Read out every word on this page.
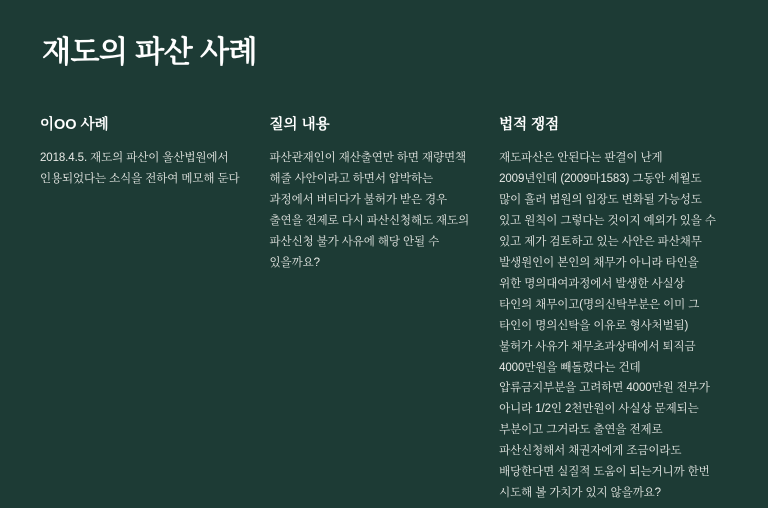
재도의 파산 사례
이OO 사례

2018.4.5. 재도의 파산이 울산법원에서 인용되었다는 소식을 전하여 메모해 둔다

질의 내용

파산관재인이 재산출연만 하면 재량면책 해줄 사안이라고 하면서 압박하는 과정에서 버티다가 불허가 받은 경우 출연을 전제로 다시 파산신청해도 재도의 파산신청 불가 사유에 해당 안될 수 있을까요?

법적 쟁점

재도파산은 안된다는 판결이 난게 2009년인데 (2009마1583) 그동안 세월도 많이 흘러 법원의 입장도 변화될 가능성도 있고 원칙이 그렇다는 것이지 예외가 있을 수 있고 제가 검토하고 있는 사안은 파산채무 발생원인이 본인의 채무가 아니라 타인을 위한 명의대여과정에서 발생한 사실상 타인의 채무이고(명의신탁부분은 이미 그 타인이 명의신탁을 이유로 형사처벌됨) 불허가 사유가 채무초과상태에서 퇴직금 4000만원을 빼돌렸다는 건데 압류금지부분을 고려하면 4000만원 전부가 아니라 1/2인 2천만원이 사실상 문제되는 부분이고 그거라도 출연을 전제로 파산신청해서 채권자에게 조금이라도 배당한다면 실질적 도움이 되는거니까 한번 시도해 볼 가치가 있지 않을까요?
